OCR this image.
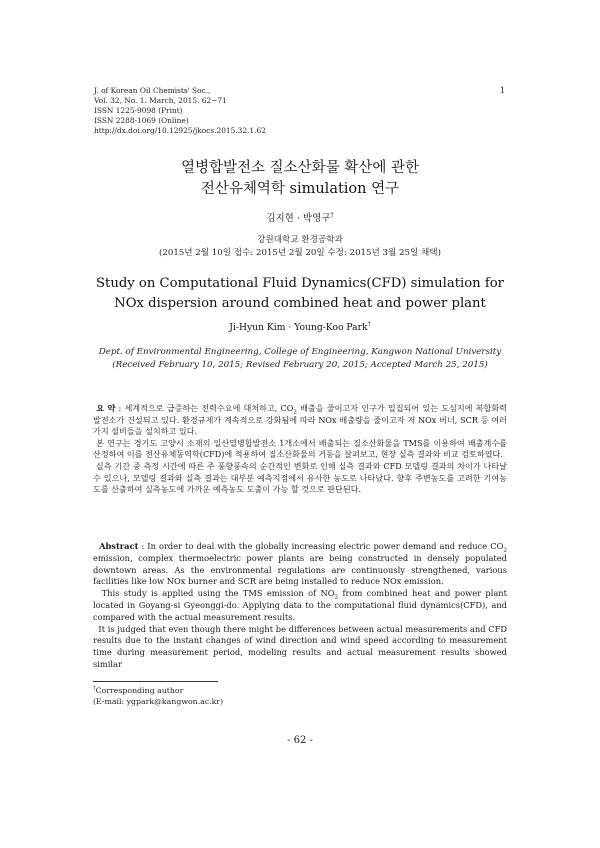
J. of Korean Oil Chemists' Soc.,
Vol. 32, No. 1. March, 2015. 62~71
ISSN 1225-9098 (Print)
ISSN 2288-1069 (Online)
http://dx.doi.org/10.12925/jkocs.2015.32.1.62
1
열병합발전소 질소산화물 확산에 관한
전산유체역학 simulation 연구
김지현 · 박영구†
강원대학교 환경공학과
(2015년 2월 10일 접수: 2015년 2월 20일 수정: 2015년 3월 25일 채택)
Study on Computational Fluid Dynamics(CFD) simulation for
NOx dispersion around combined heat and power plant
Ji-Hyun Kim · Young-Koo Park†
Dept. of Environmental Engineering, College of Engineering, Kangwon National University
(Received February 10, 2015; Revised February 20, 2015; Accepted March 25, 2015)

요 약 : 세계적으로 급증하는 전력수요에 대처하고, $CO_2$ 배출을 줄이고자 인구가 밀집되어 있는 도심지에 복합화력 발전소가 건설되고 있다. 환경규제가 계속적으로 강화됨에 따라 NOx 배출량을 줄이고자 저 NOx 버너, SCR 등 여러 가지 설비들을 설치하고 있다.

본 연구는 경기도 고양시 소재의 일산열병합발전소 1개소에서 배출되는 질소산화물을 TMS를 이용하여 배출계수를 산정하여 이를 전산유체동역학(CFD)에 적용하여 질소산화물의 거동을 살펴보고, 현장 실측 결과와 비교 검토하였다.

실측 기간 중 측정 시간에 따른 주 풍향풍속의 순간적인 변화로 인해 실측 결과와 CFD 모델링 결과의 차이가 나타날 수 있으나, 모델링 결과와 실측 결과는 대부분 예측지점에서 유사한 농도로 나타났다. 향후 주변농도를 고려한 기여농도를 산출하여 실측농도에 가까운 예측농도 도출이 가능 할 것으로 판단된다.

Abstract : In order to deal with the globally increasing electric power demand and reduce $CO_2$ emission, complex thermoelectric power plants are being constructed in densely populated downtown areas. As the environmental regulations are continuously strengthened, various facilities like low NOx burner and SCR are being installed to reduce NOx emission.

This study is applied using the TMS emission of $NO_2$ from combined heat and power plant located in Goyang-si Gyeonggi-do. Applying data to the computational fluid dynamics(CFD), and compared with the actual measurement results.

It is judged that even though there might be differences between actual measurements and CFD results due to the instant changes of wind direction and wind speed according to measurement time during measurement period, modeling results and actual measurement results showed similar

†Corresponding author
(E-mail: ygpark@kangwon.ac.kr)
- 62 -
